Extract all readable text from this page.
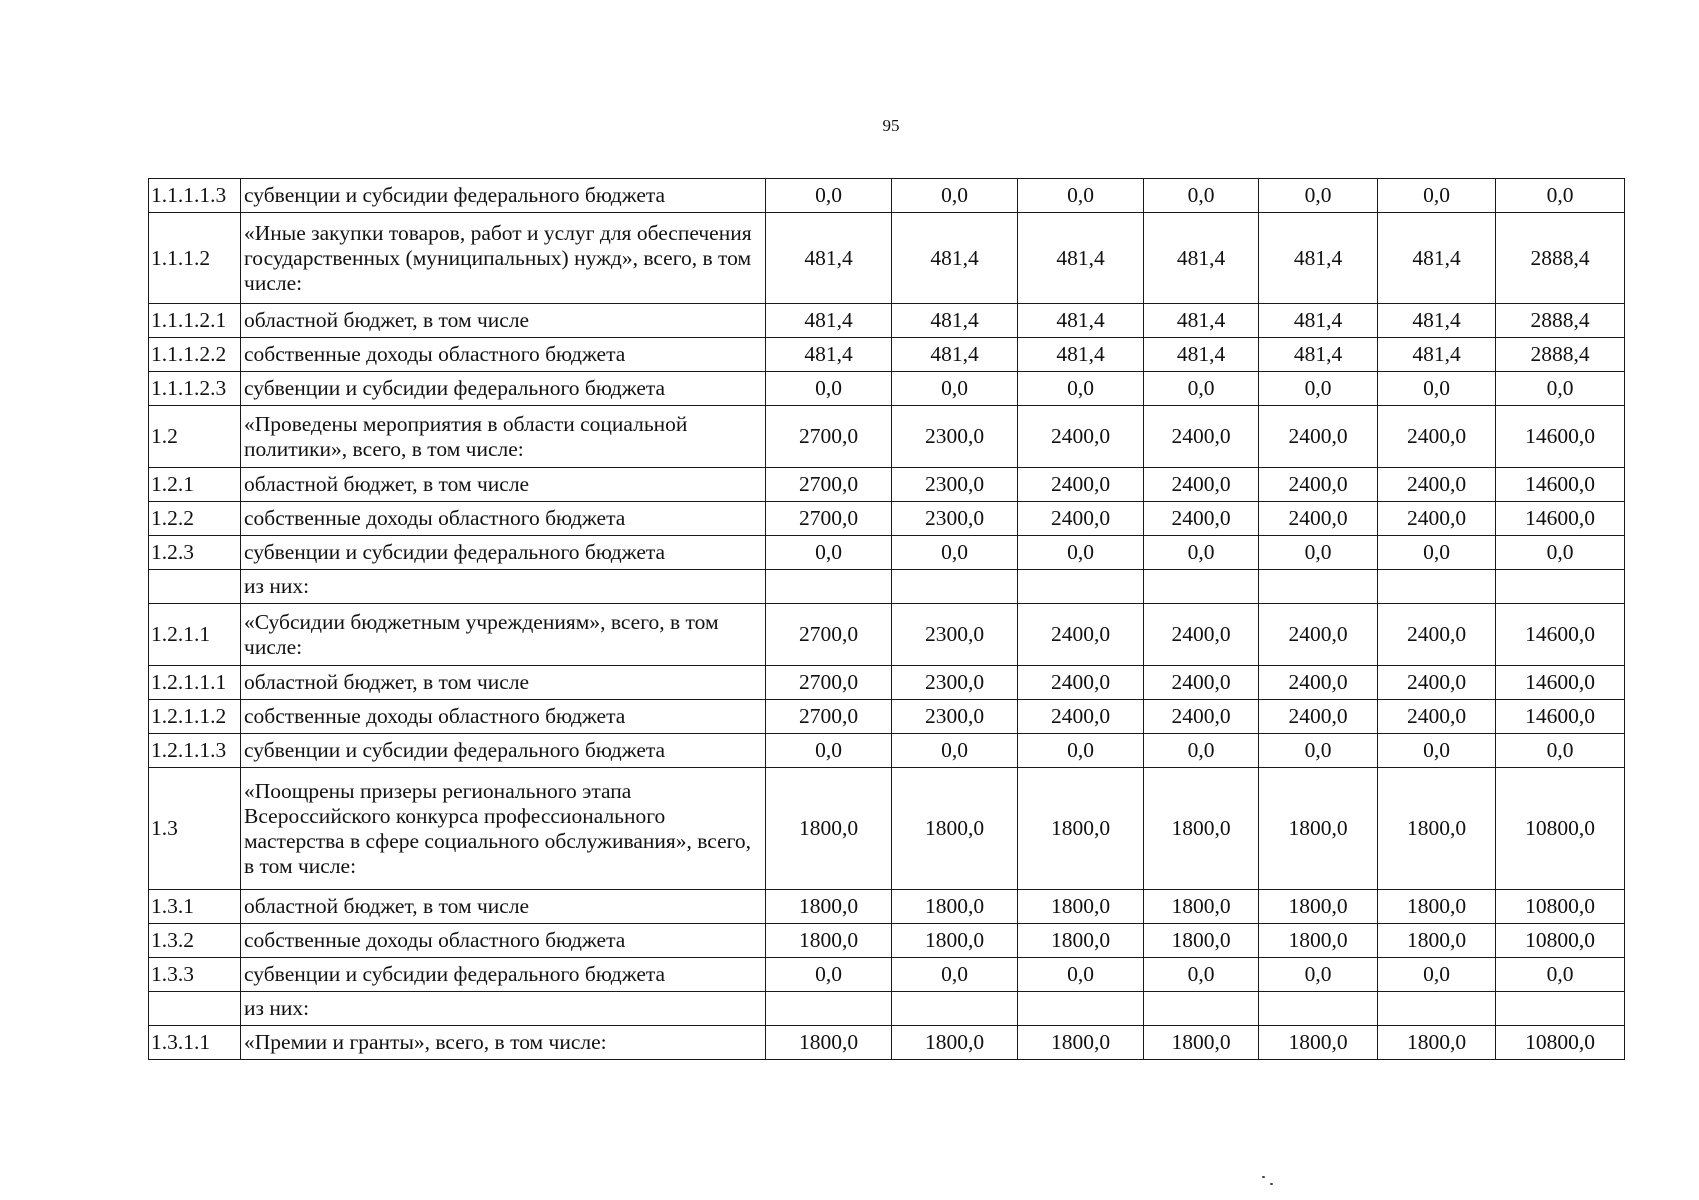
95
1.1.1.1.3	субвенции и субсидии федерального бюджета	0,0	0,0	0,0	0,0	0,0	0,0	0,0
1.1.1.2	«Иные закупки товаров, работ и услуг для обеспечения государственных (муниципальных) нужд», всего, в том числе:	481,4	481,4	481,4	481,4	481,4	481,4	2888,4
1.1.1.2.1	областной бюджет, в том числе	481,4	481,4	481,4	481,4	481,4	481,4	2888,4
1.1.1.2.2	собственные доходы областного бюджета	481,4	481,4	481,4	481,4	481,4	481,4	2888,4
1.1.1.2.3	субвенции и субсидии федерального бюджета	0,0	0,0	0,0	0,0	0,0	0,0	0,0
1.2	«Проведены мероприятия в области социальной политики», всего, в том числе:	2700,0	2300,0	2400,0	2400,0	2400,0	2400,0	14600,0
1.2.1	областной бюджет, в том числе	2700,0	2300,0	2400,0	2400,0	2400,0	2400,0	14600,0
1.2.2	собственные доходы областного бюджета	2700,0	2300,0	2400,0	2400,0	2400,0	2400,0	14600,0
1.2.3	субвенции и субсидии федерального бюджета	0,0	0,0	0,0	0,0	0,0	0,0	0,0
	из них:							
1.2.1.1	«Субсидии бюджетным учреждениям», всего, в том числе:	2700,0	2300,0	2400,0	2400,0	2400,0	2400,0	14600,0
1.2.1.1.1	областной бюджет, в том числе	2700,0	2300,0	2400,0	2400,0	2400,0	2400,0	14600,0
1.2.1.1.2	собственные доходы областного бюджета	2700,0	2300,0	2400,0	2400,0	2400,0	2400,0	14600,0
1.2.1.1.3	субвенции и субсидии федерального бюджета	0,0	0,0	0,0	0,0	0,0	0,0	0,0
1.3	«Поощрены призеры регионального этапа Всероссийского конкурса профессионального мастерства в сфере социального обслуживания», всего, в том числе:	1800,0	1800,0	1800,0	1800,0	1800,0	1800,0	10800,0
1.3.1	областной бюджет, в том числе	1800,0	1800,0	1800,0	1800,0	1800,0	1800,0	10800,0
1.3.2	собственные доходы областного бюджета	1800,0	1800,0	1800,0	1800,0	1800,0	1800,0	10800,0
1.3.3	субвенции и субсидии федерального бюджета	0,0	0,0	0,0	0,0	0,0	0,0	0,0
	из них:							
1.3.1.1	«Премии и гранты», всего, в том числе:	1800,0	1800,0	1800,0	1800,0	1800,0	1800,0	10800,0
